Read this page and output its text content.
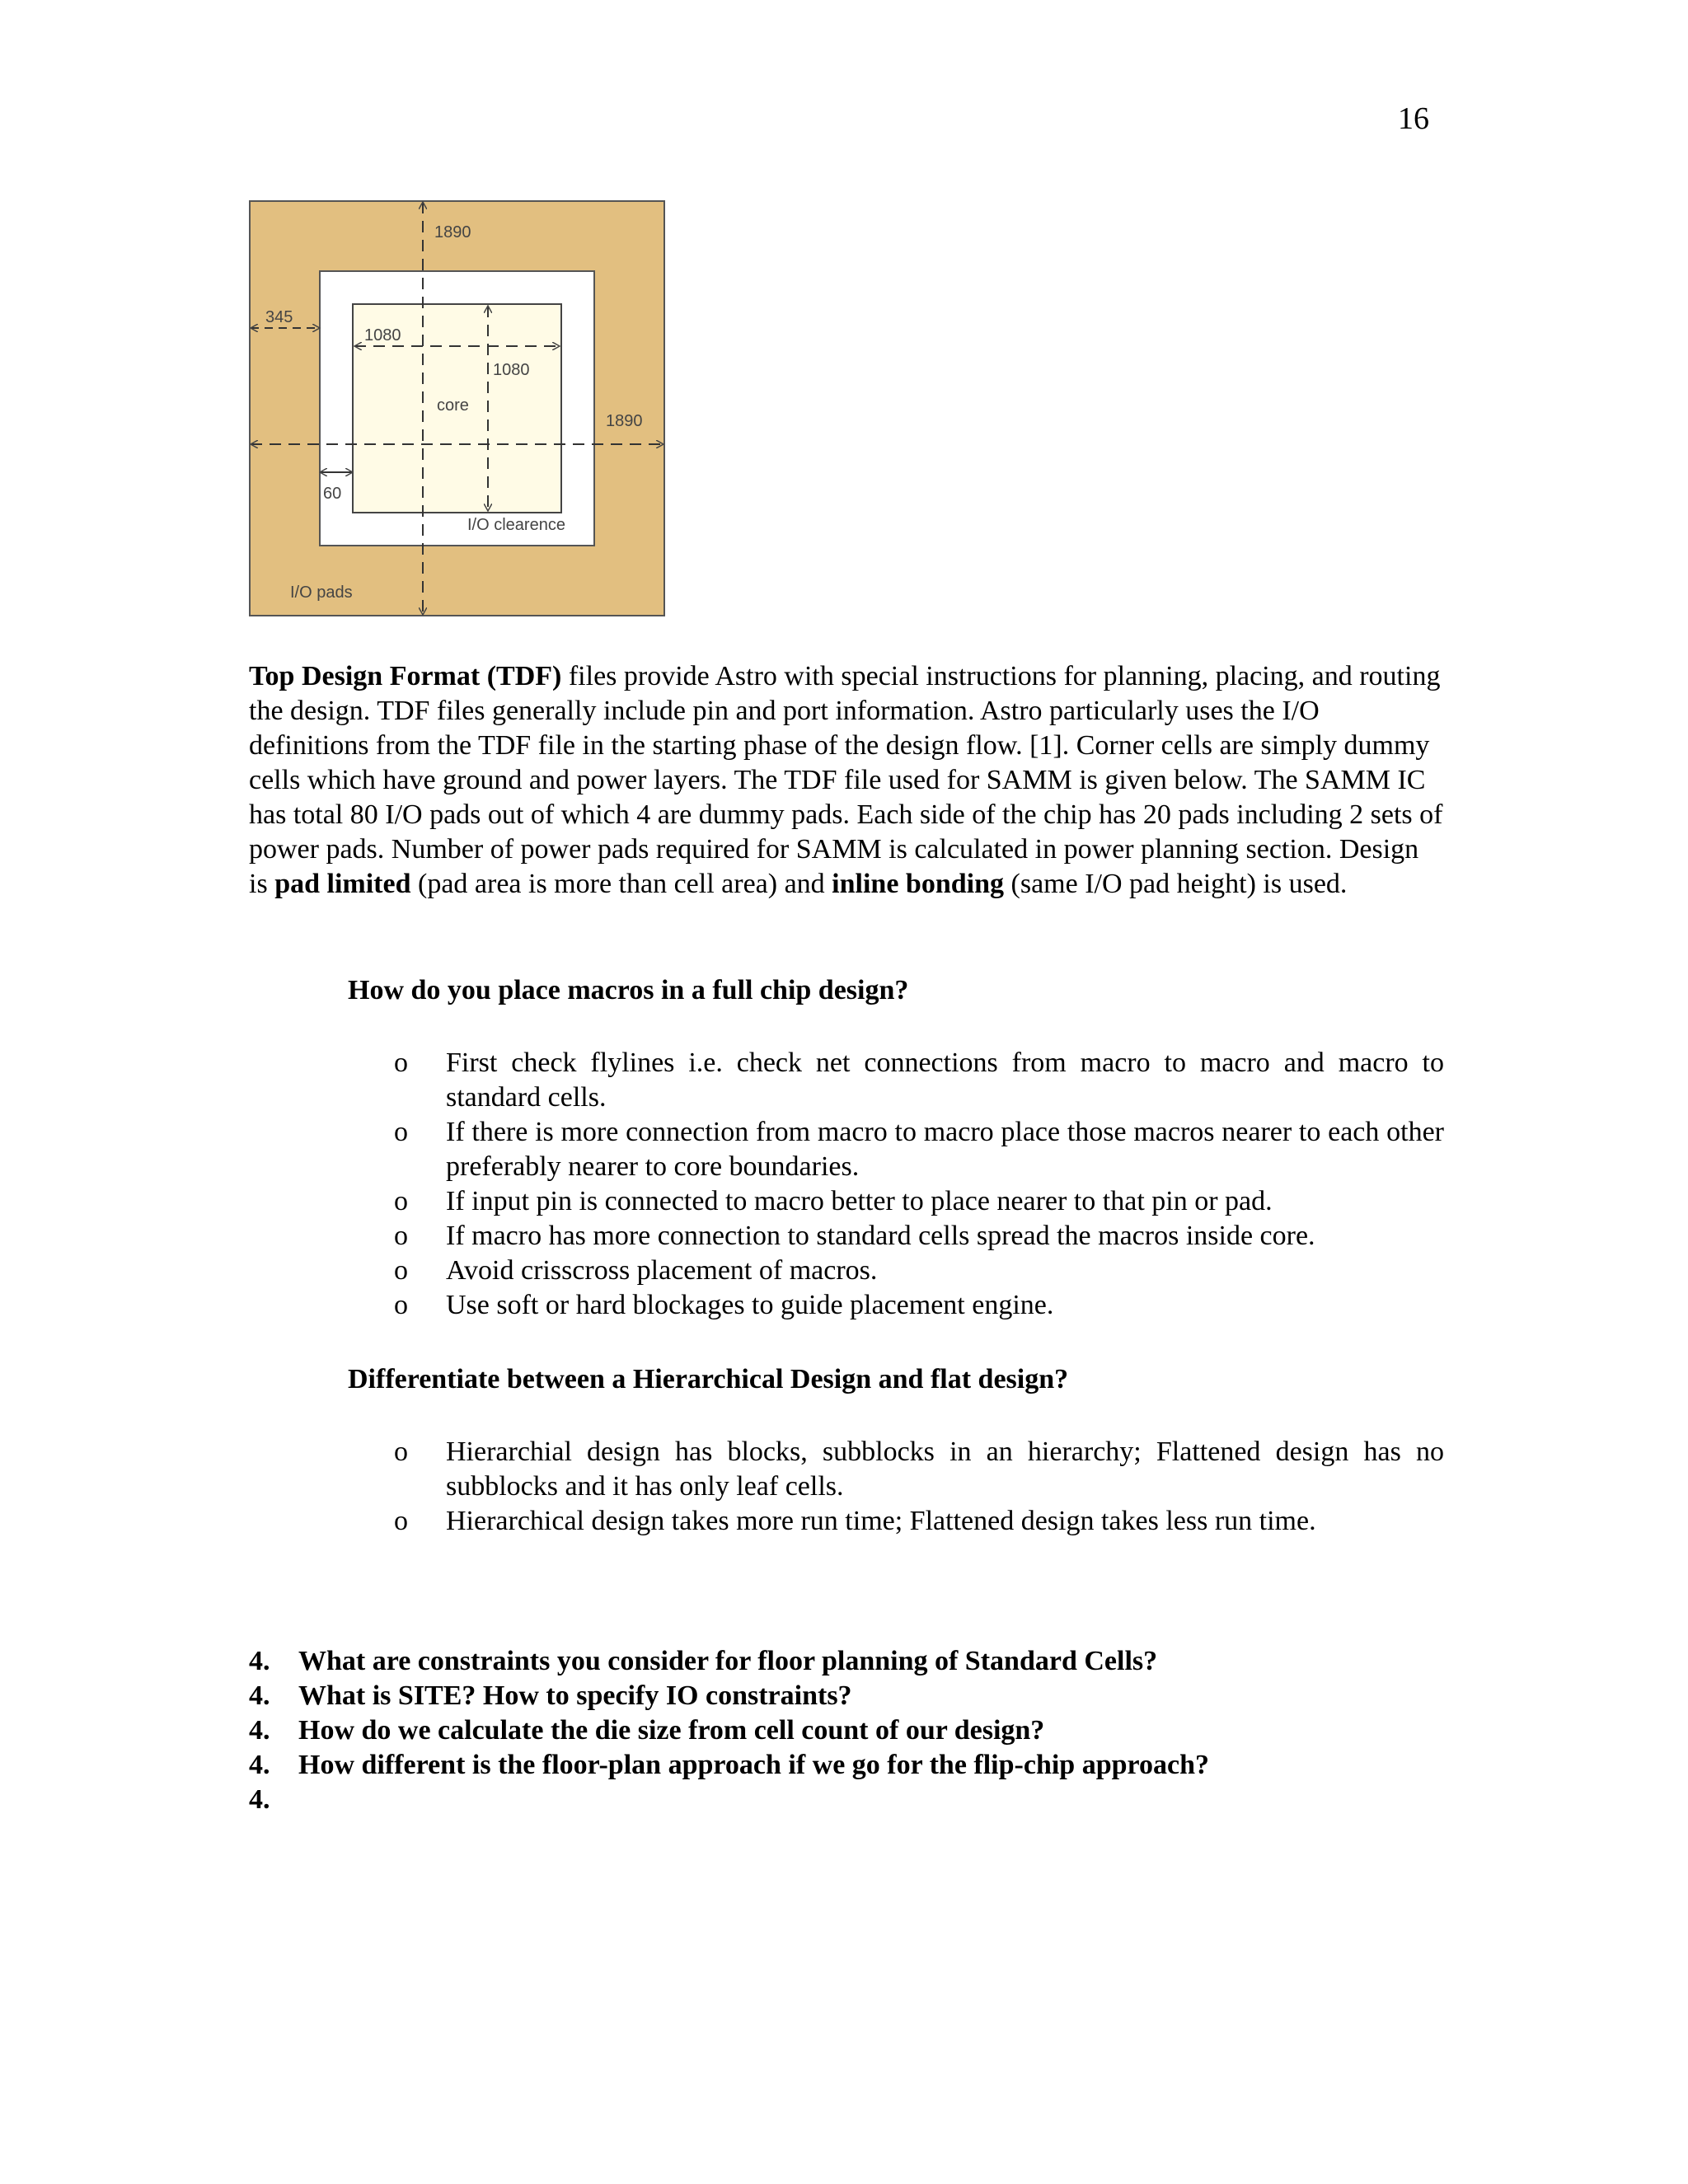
16
1890
1890
345
1080
1080
core
60
I/O clearence
I/O pads

Top Design Format (TDF) files provide Astro with special instructions for planning, placing, and routing the design. TDF files generally include pin and port information. Astro particularly uses the I/O definitions from the TDF file in the starting phase of the design flow. [1]. Corner cells are simply dummy cells which have ground and power layers. The TDF file used for SAMM is given below. The SAMM IC has total 80 I/O pads out of which 4 are dummy pads. Each side of the chip has 20 pads including 2 sets of power pads. Number of power pads required for SAMM is calculated in power planning section. Design is pad limited (pad area is more than cell area) and inline bonding (same I/O pad height) is used.

How do you place macros in a full chip design?

o First check flylines i.e. check net connections from macro to macro and macro to standard cells.
o If there is more connection from macro to macro place those macros nearer to each other preferably nearer to core boundaries.
o If input pin is connected to macro better to place nearer to that pin or pad.
o If macro has more connection to standard cells spread the macros inside core.
o Avoid crisscross placement of macros.
o Use soft or hard blockages to guide placement engine.

Differentiate between a Hierarchical Design and flat design?

o Hierarchial design has blocks, subblocks in an hierarchy; Flattened design has no subblocks and it has only leaf cells.
o Hierarchical design takes more run time; Flattened design takes less run time.
4. What are constraints you consider for floor planning of Standard Cells?
4. What is SITE? How to specify IO constraints?
4. How do we calculate the die size from cell count of our design?
4. How different is the floor-plan approach if we go for the flip-chip approach?
4.
